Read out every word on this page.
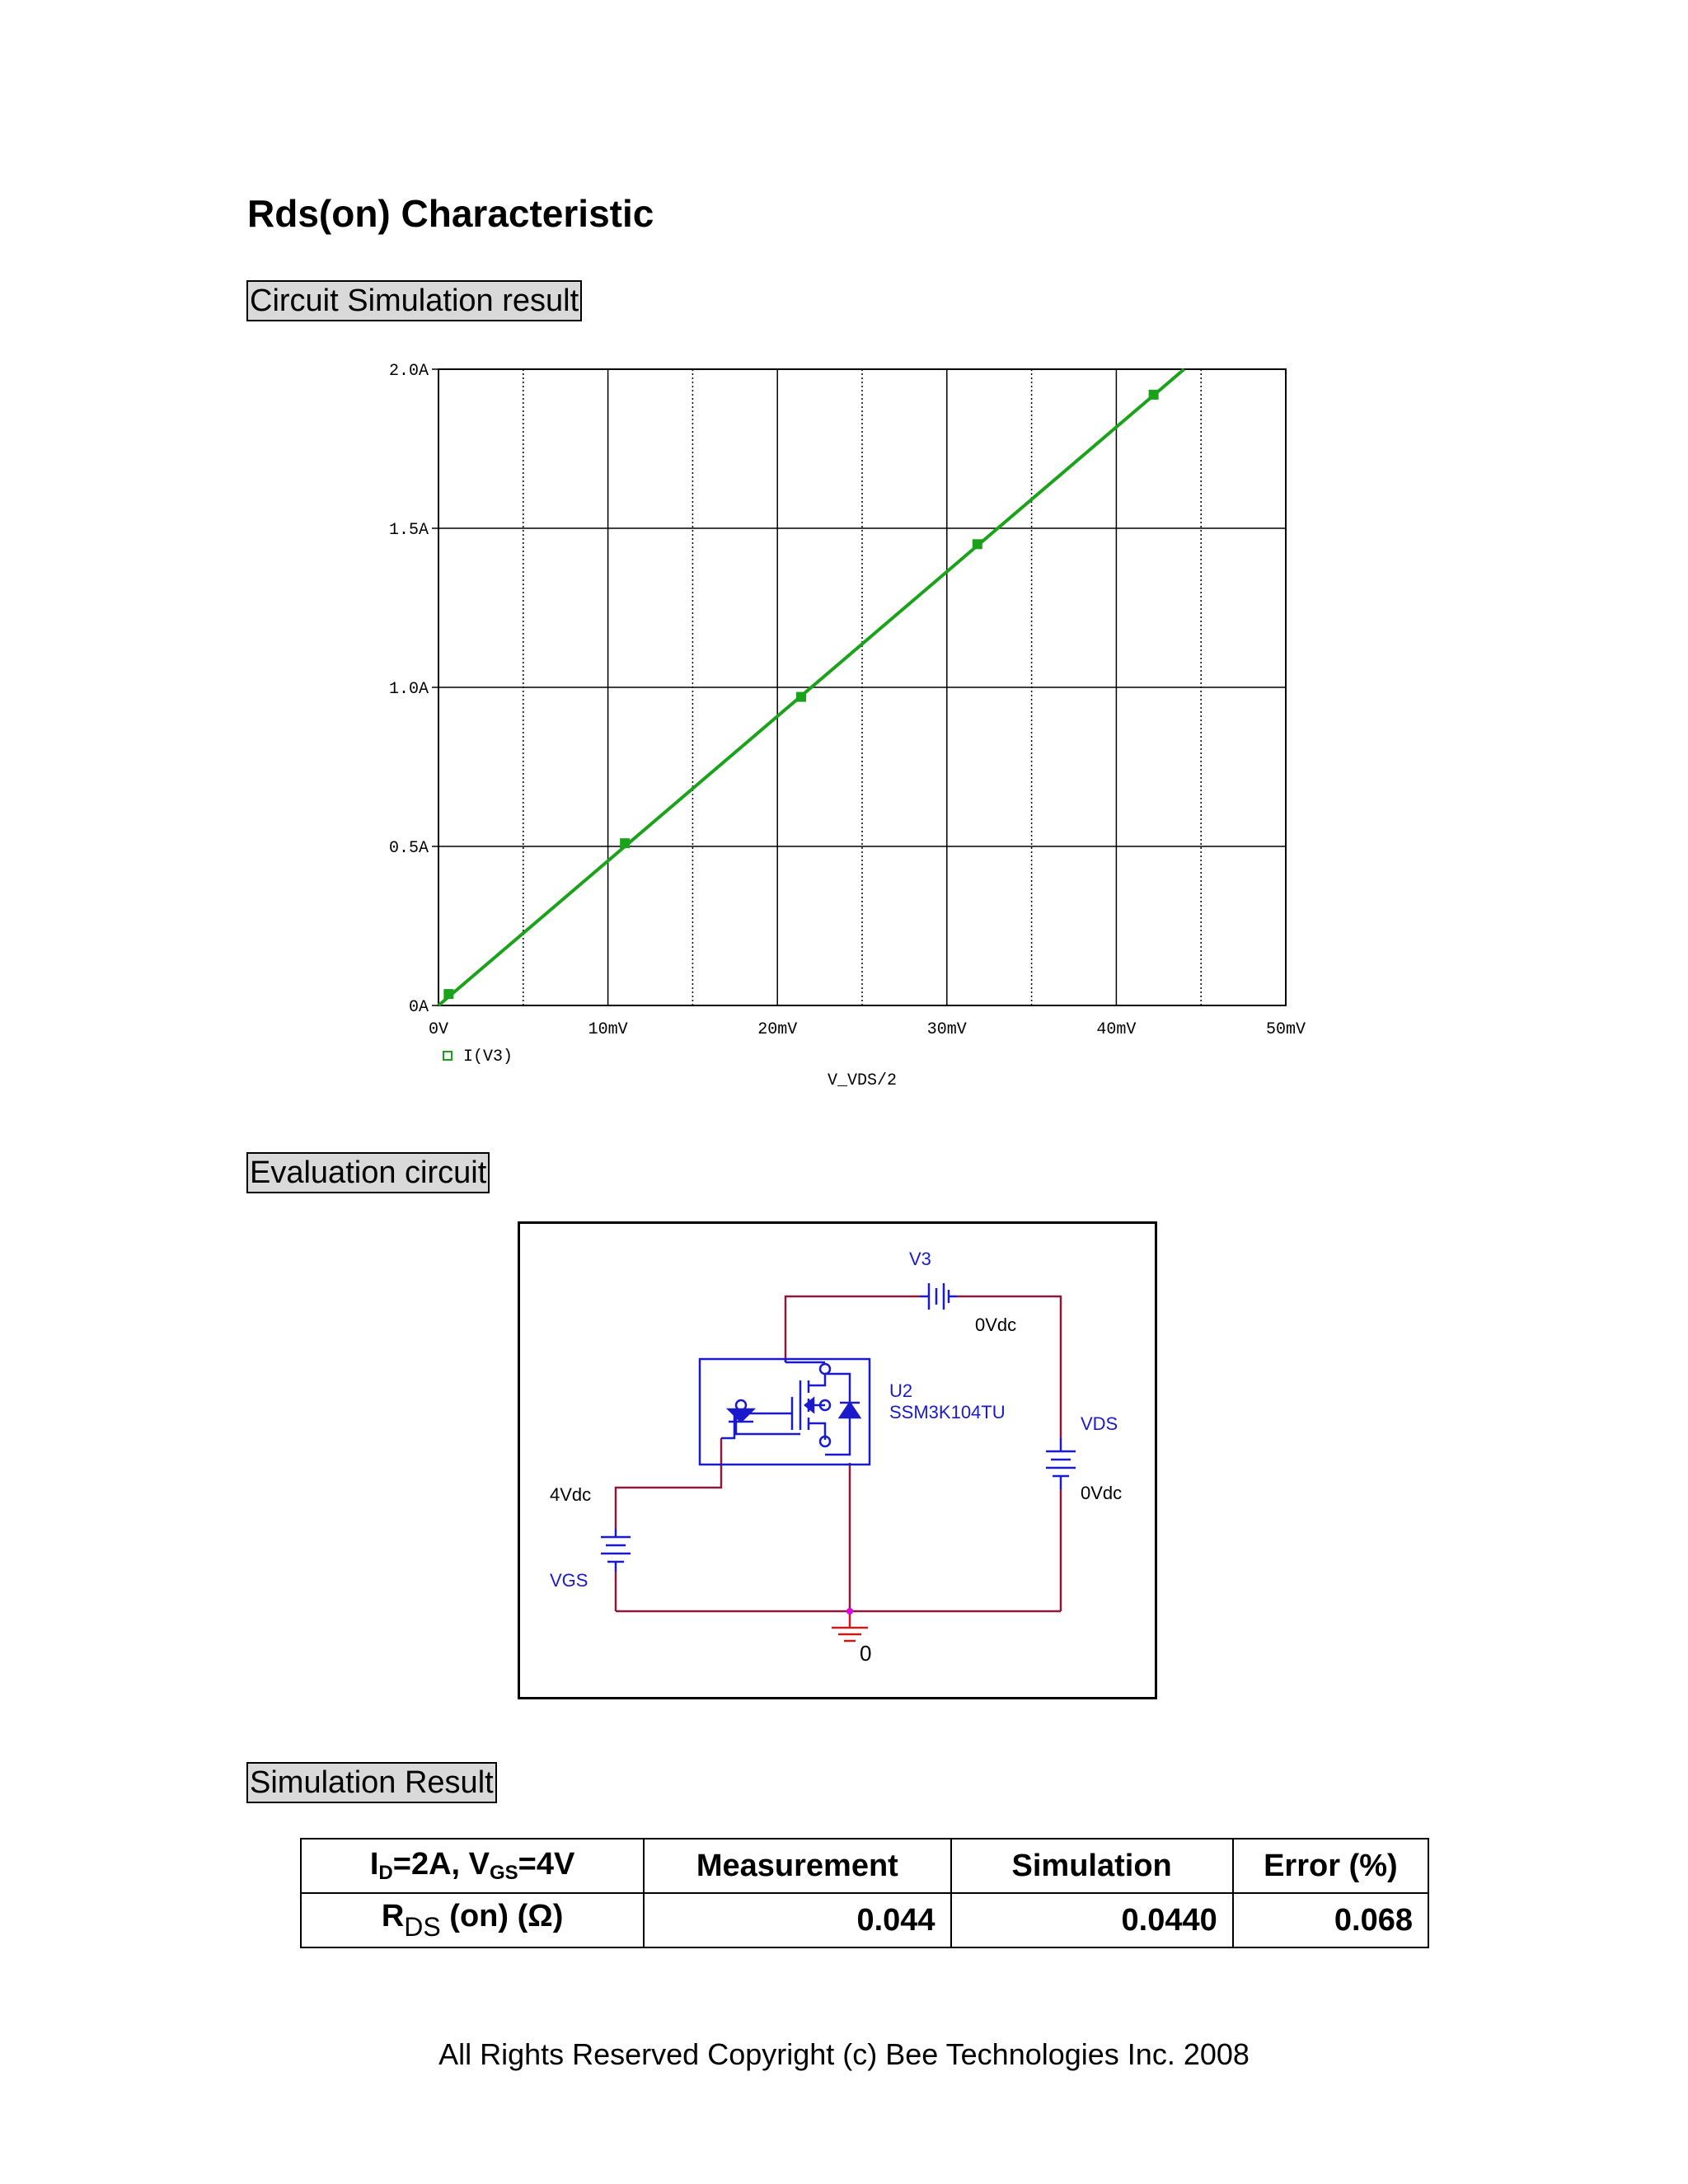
Rds(on) Characteristic
Circuit Simulation result
0V	10mV	20mV	30mV	40mV	50mV
0A
0.5A
1.0A
1.5A
2.0A
I(V3)
V_VDS/2
Evaluation circuit
V3
0Vdc
U2
SSM3K104TU
VDS
0Vdc
4Vdc
VGS
0
Simulation Result
$I_D=2A$, $V_{GS}=4V$	Measurement	Simulation	Error (%)
$R_{DS}$ (on) (Ω)	0.044	0.0440	0.068
All Rights Reserved Copyright (c) Bee Technologies Inc. 2008
